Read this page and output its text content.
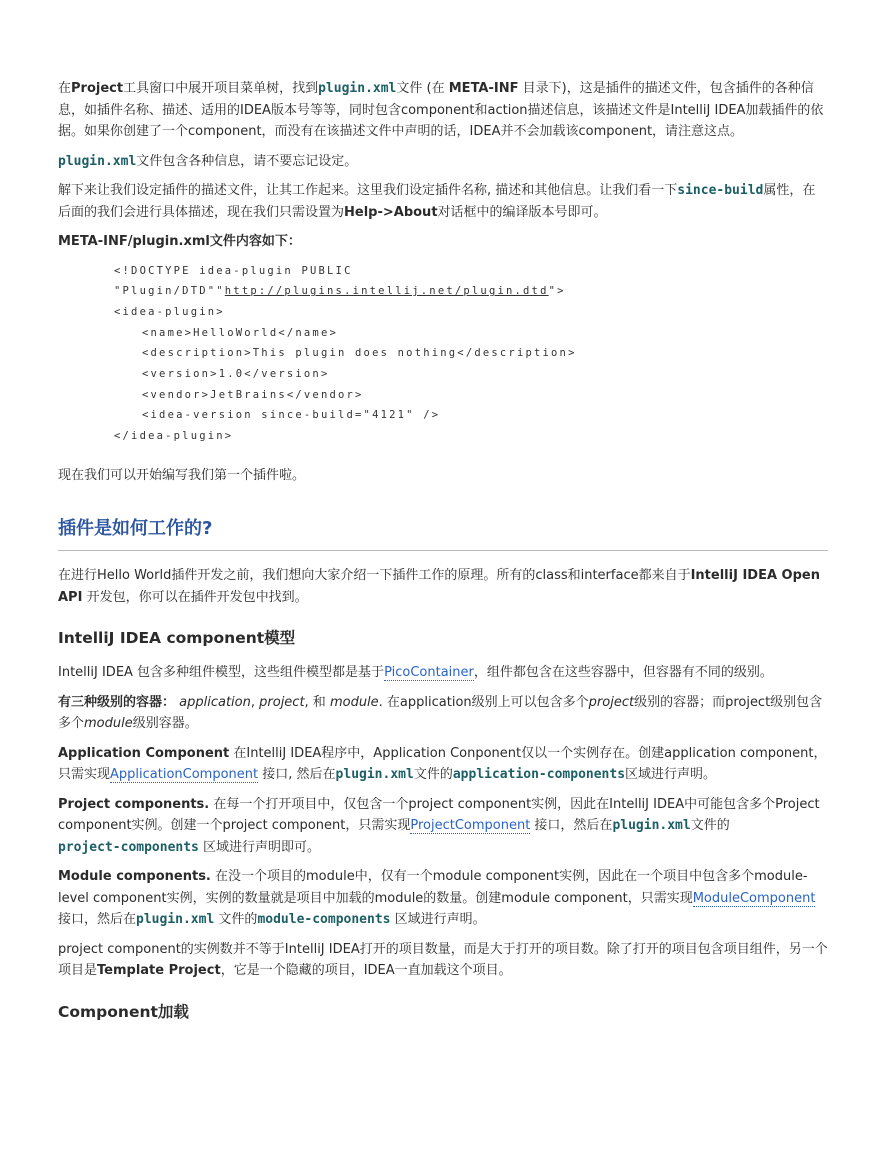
在Project工具窗口中展开项目菜单树，找到plugin.xml文件 (在 META-INF 目录下)，这是插件的描述文件，包含插件的各种信息，如插件名称、描述、适用的IDEA版本号等等，同时包含component和action描述信息，该描述文件是IntelliJ IDEA加载插件的依据。如果你创建了一个component，而没有在该描述文件中声明的话，IDEA并不会加载该component，请注意这点。

plugin.xml文件包含各种信息，请不要忘记设定。

解下来让我们设定插件的描述文件，让其工作起来。这里我们设定插件名称, 描述和其他信息。让我们看一下since-build属性，在后面的我们会进行具体描述，现在我们只需设置为Help->About对话框中的编译版本号即可。

META-INF/plugin.xml文件内容如下：

<!DOCTYPE idea-plugin PUBLIC
"Plugin/DTD""http://plugins.intellij.net/plugin.dtd">
<idea-plugin>
<name>HelloWorld</name>
<description>This plugin does nothing</description>
<version>1.0</version>
<vendor>JetBrains</vendor>
<idea-version since-build="4121" />
</idea-plugin>

现在我们可以开始编写我们第一个插件啦。

插件是如何工作的?

在进行Hello World插件开发之前，我们想向大家介绍一下插件工作的原理。所有的class和interface都来自于IntelliJ IDEA Open API 开发包，你可以在插件开发包中找到。

IntelliJ IDEA component模型

IntelliJ IDEA 包含多种组件模型，这些组件模型都是基于PicoContainer，组件都包含在这些容器中，但容器有不同的级别。

有三种级别的容器： application, project, 和 module. 在application级别上可以包含多个project级别的容器；而project级别包含多个module级别容器。

Application Component 在IntelliJ IDEA程序中，Application Conponent仅以一个实例存在。创建application component，只需实现ApplicationComponent 接口, 然后在plugin.xml文件的application-components区域进行声明。

Project components. 在每一个打开项目中，仅包含一个project component实例，因此在IntelliJ IDEA中可能包含多个Project component实例。创建一个project component，只需实现ProjectComponent 接口，然后在plugin.xml文件的
project-components 区域进行声明即可。

Module components. 在没一个项目的module中，仅有一个module component实例，因此在一个项目中包含多个module-level component实例，实例的数量就是项目中加载的module的数量。创建module component，只需实现ModuleComponent接口，然后在plugin.xml 文件的module-components 区域进行声明。

project component的实例数并不等于IntelliJ IDEA打开的项目数量，而是大于打开的项目数。除了打开的项目包含项目组件，另一个项目是Template Project，它是一个隐藏的项目，IDEA一直加载这个项目。

Component加载
